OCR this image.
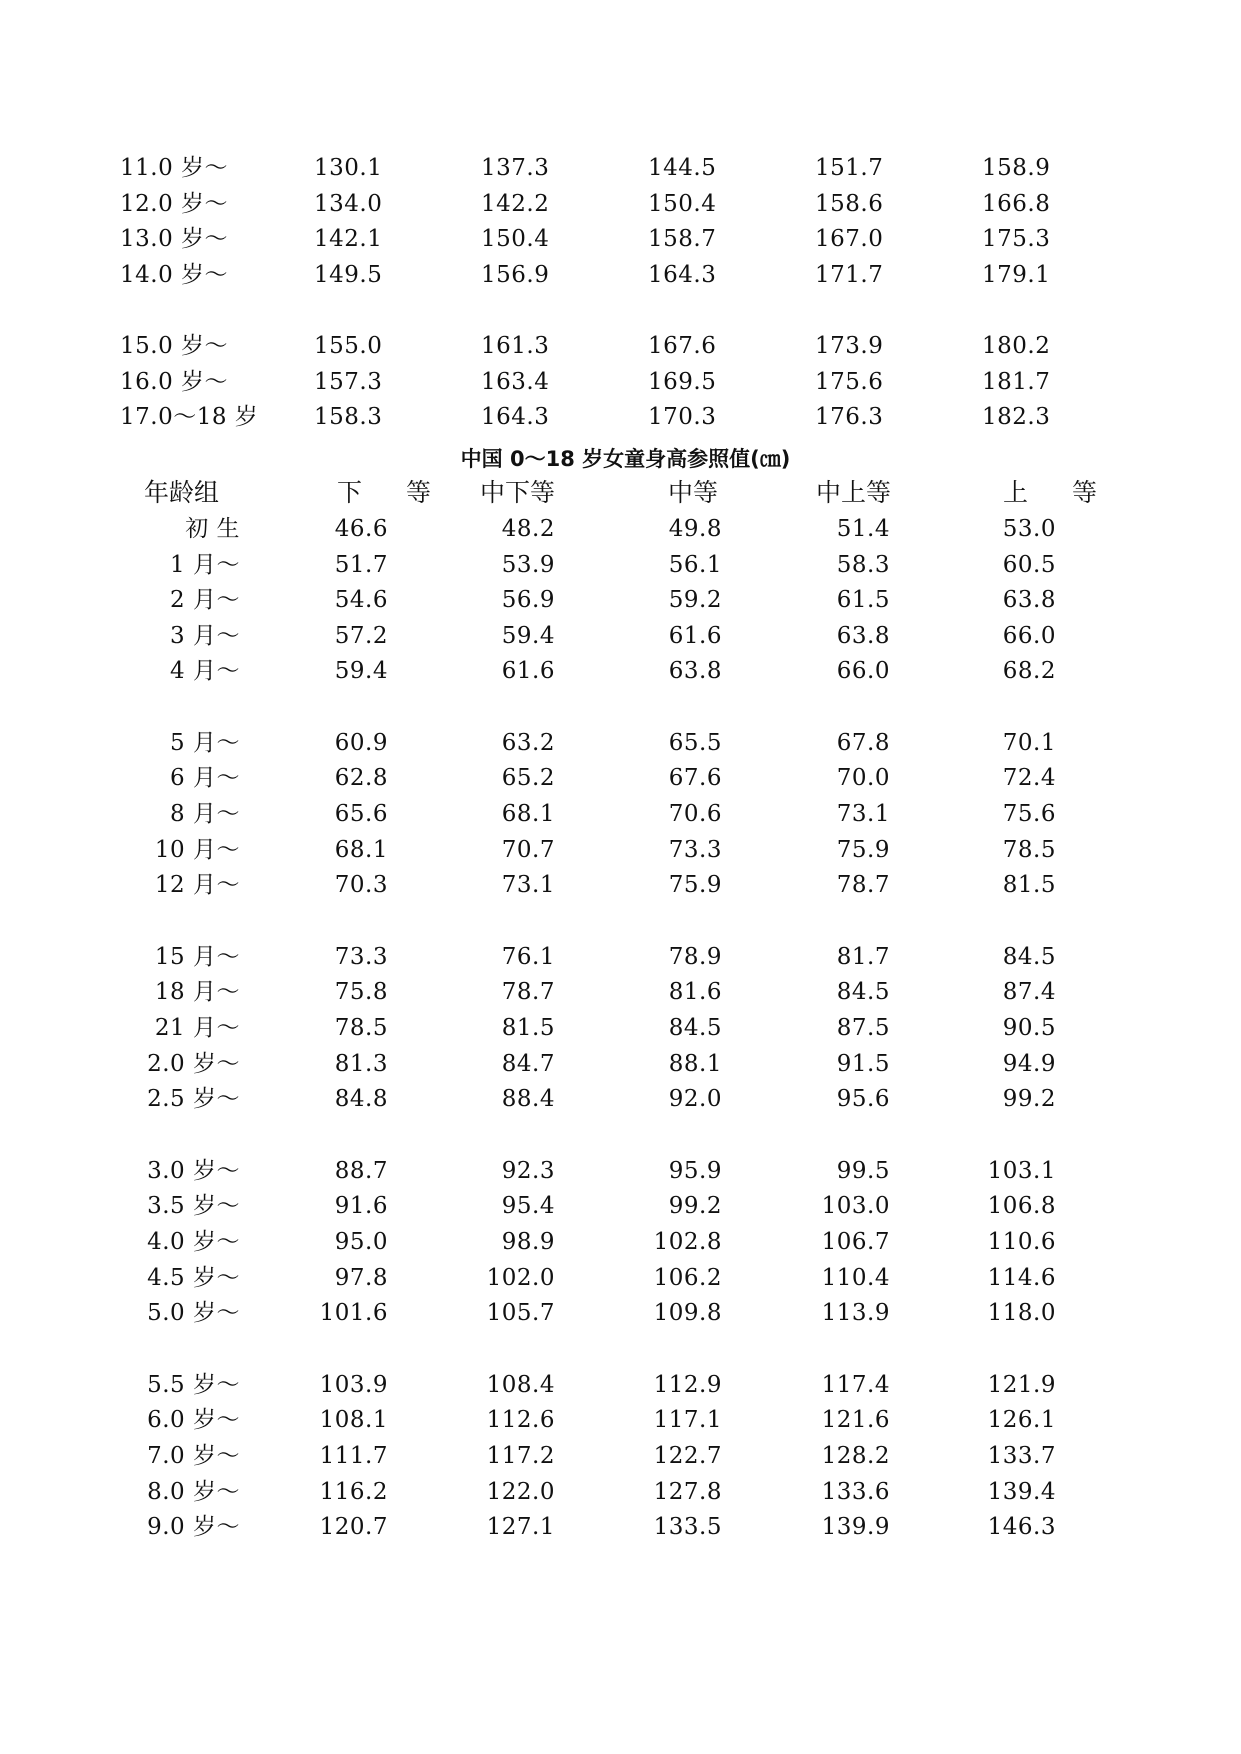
11.0 岁～	130.1	137.3	144.5	151.7	158.9
12.0 岁～	134.0	142.2	150.4	158.6	166.8
13.0 岁～	142.1	150.4	158.7	167.0	175.3
14.0 岁～	149.5	156.9	164.3	171.7	179.1
15.0 岁～	155.0	161.3	167.6	173.9	180.2
16.0 岁～	157.3	163.4	169.5	175.6	181.7
17.0～18 岁 158.3	164.3	170.3	176.3	182.3
中国 0～18 岁女童身高参照值(㎝)
年龄组	下 等 中下等	中等	中上等	上 等
初 生	46.6	48.2	49.8	51.4	53.0
1 月～	51.7	53.9	56.1	58.3	60.5
2 月～	54.6	56.9	59.2	61.5	63.8
3 月～	57.2	59.4	61.6	63.8	66.0
4 月～	59.4	61.6	63.8	66.0	68.2
5 月～	60.9	63.2	65.5	67.8	70.1
6 月～	62.8	65.2	67.6	70.0	72.4
8 月～	65.6	68.1	70.6	73.1	75.6
10 月～	68.1	70.7	73.3	75.9	78.5
12 月～	70.3	73.1	75.9	78.7	81.5
15 月～	73.3	76.1	78.9	81.7	84.5
18 月～	75.8	78.7	81.6	84.5	87.4
21 月～	78.5	81.5	84.5	87.5	90.5
2.0 岁～	81.3	84.7	88.1	91.5	94.9
2.5 岁～	84.8	88.4	92.0	95.6	99.2
3.0 岁～	88.7	92.3	95.9	99.5	103.1
3.5 岁～	91.6	95.4	99.2	103.0	106.8
4.0 岁～	95.0	98.9	102.8	106.7	110.6
4.5 岁～	97.8	102.0	106.2	110.4	114.6
5.0 岁～	101.6	105.7	109.8	113.9	118.0
5.5 岁～	103.9	108.4	112.9	117.4	121.9
6.0 岁～	108.1	112.6	117.1	121.6	126.1
7.0 岁～	111.7	117.2	122.7	128.2	133.7
8.0 岁～	116.2	122.0	127.8	133.6	139.4
9.0 岁～	120.7	127.1	133.5	139.9	146.3
